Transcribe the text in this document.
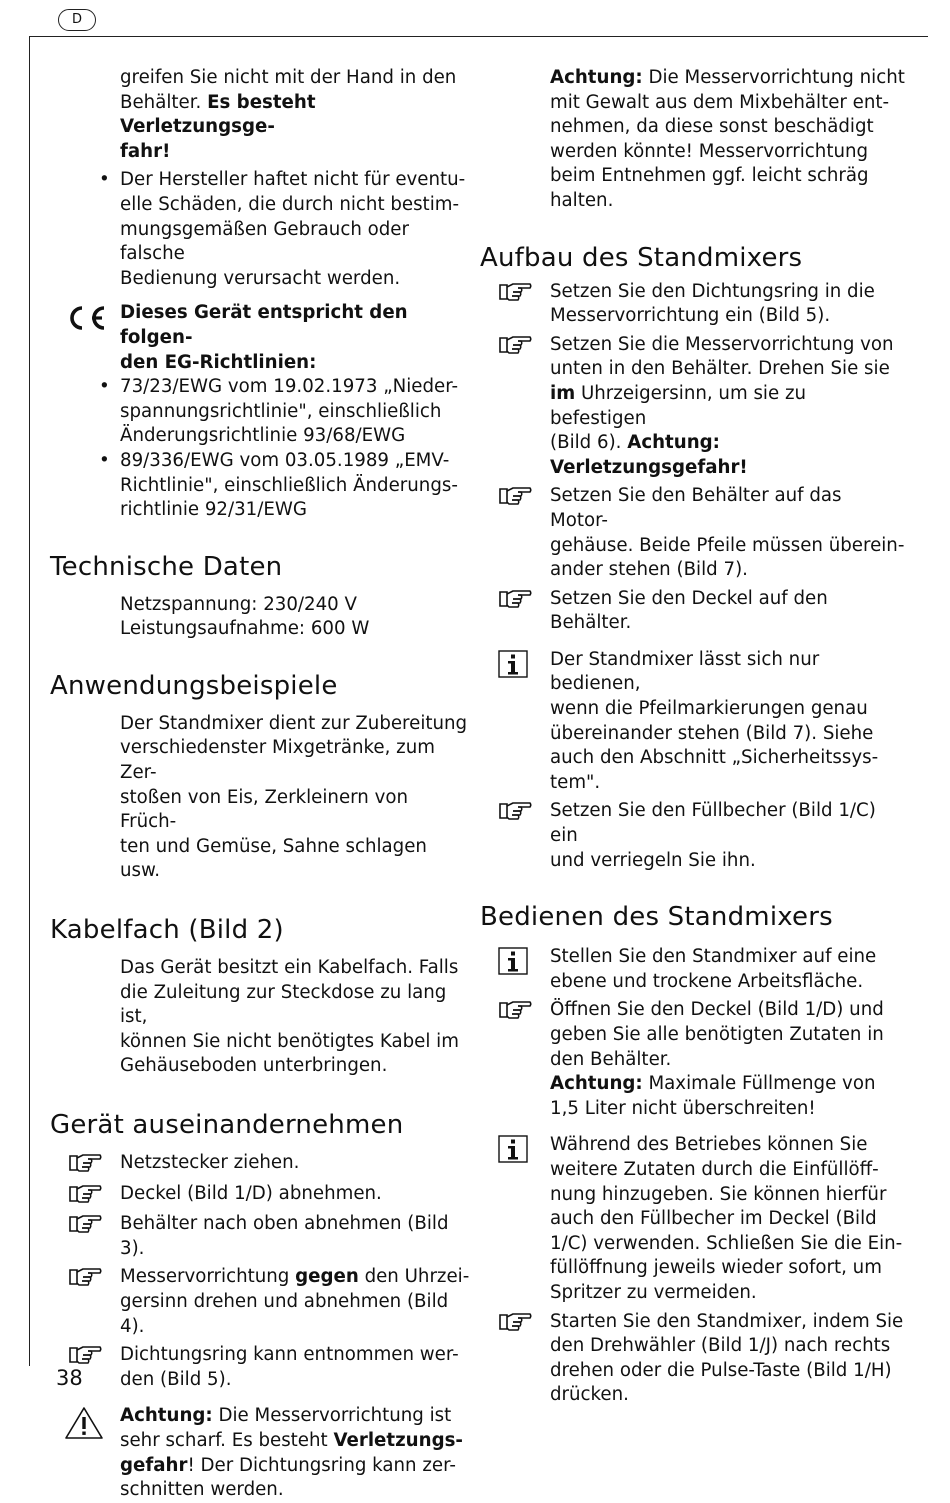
D

greifen Sie nicht mit der Hand in den
Behälter. Es besteht Verletzungsge-
fahr!

• Der Hersteller haftet nicht für eventu-
elle Schäden, die durch nicht bestim-
mungsgemäßen Gebrauch oder falsche
Bedienung verursacht werden.
Dieses Gerät entspricht den folgen-
den EG-Richtlinien:
• 73/23/EWG vom 19.02.1973 „Nieder-
spannungsrichtlinie", einschließlich
Änderungsrichtlinie 93/68/EWG
• 89/336/EWG vom 03.05.1989 „EMV-
Richtlinie", einschließlich Änderungs-
richtlinie 92/31/EWG
Technische Daten

Netzspannung: 230/240 V
Leistungsaufnahme: 600 W

Anwendungsbeispiele

Der Standmixer dient zur Zubereitung
verschiedenster Mixgetränke, zum Zer-
stoßen von Eis, Zerkleinern von Früch-
ten und Gemüse, Sahne schlagen usw.

Kabelfach (Bild 2)

Das Gerät besitzt ein Kabelfach. Falls
die Zuleitung zur Steckdose zu lang ist,
können Sie nicht benötigtes Kabel im
Gehäuseboden unterbringen.

Gerät auseinandernehmen
Netzstecker ziehen.
Deckel (Bild 1/D) abnehmen.
Behälter nach oben abnehmen (Bild 3).
Messervorrichtung gegen den Uhrzei-
gersinn drehen und abnehmen (Bild 4).
Dichtungsring kann entnommen wer-
den (Bild 5).
Achtung: Die Messervorrichtung ist
sehr scharf. Es besteht Verletzungs-
gefahr! Der Dichtungsring kann zer-
schnitten werden.

Achtung: Die Messervorrichtung nicht
mit Gewalt aus dem Mixbehälter ent-
nehmen, da diese sonst beschädigt
werden könnte! Messervorrichtung
beim Entnehmen ggf. leicht schräg
halten.

Aufbau des Standmixers
Setzen Sie den Dichtungsring in die
Messervorrichtung ein (Bild 5).
Setzen Sie die Messervorrichtung von
unten in den Behälter. Drehen Sie sie
im Uhrzeigersinn, um sie zu befestigen
(Bild 6). Achtung: Verletzungsgefahr!
Setzen Sie den Behälter auf das Motor-
gehäuse. Beide Pfeile müssen überein-
ander stehen (Bild 7).
Setzen Sie den Deckel auf den Behälter.
Der Standmixer lässt sich nur bedienen,
wenn die Pfeilmarkierungen genau
übereinander stehen (Bild 7). Siehe
auch den Abschnitt „Sicherheitssys-
tem".
Setzen Sie den Füllbecher (Bild 1/C) ein
und verriegeln Sie ihn.
Bedienen des Standmixers
Stellen Sie den Standmixer auf eine
ebene und trockene Arbeitsfläche.
Öffnen Sie den Deckel (Bild 1/D) und
geben Sie alle benötigten Zutaten in
den Behälter.
Achtung: Maximale Füllmenge von
1,5 Liter nicht überschreiten!
Während des Betriebes können Sie
weitere Zutaten durch die Einfüllöff-
nung hinzugeben. Sie können hierfür
auch den Füllbecher im Deckel (Bild
1/C) verwenden. Schließen Sie die Ein-
füllöffnung jeweils wieder sofort, um
Spritzer zu vermeiden.
Starten Sie den Standmixer, indem Sie
den Drehwähler (Bild 1/J) nach rechts
drehen oder die Pulse-Taste (Bild 1/H)
drücken.
38
